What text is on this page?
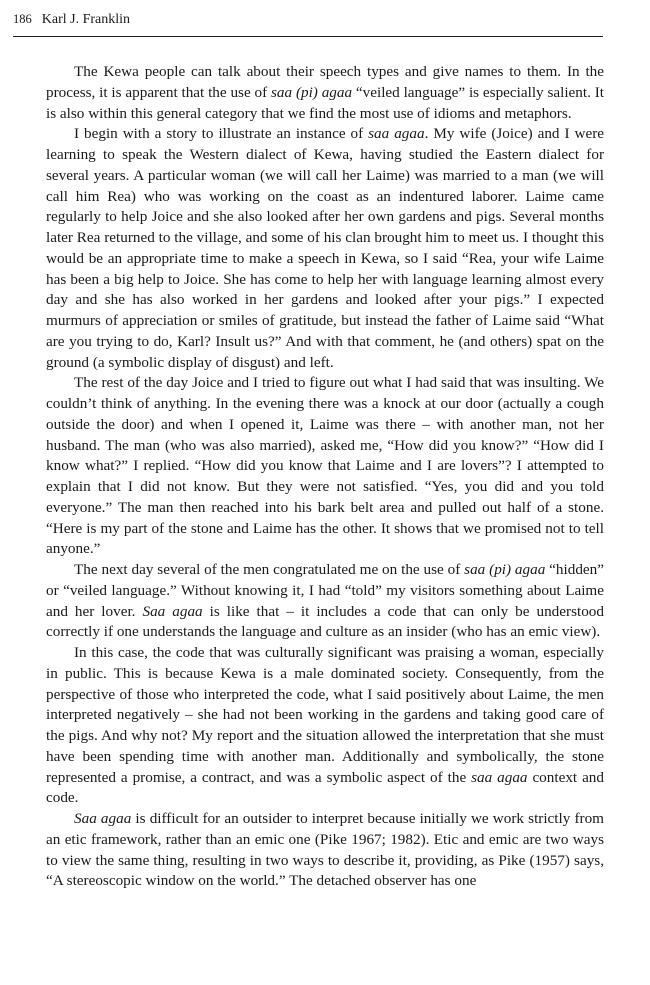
186 Karl J. Franklin

The Kewa people can talk about their speech types and give names to them. In the process, it is apparent that the use of saa (pi) agaa “veiled language” is especially salient. It is also within this general category that we find the most use of idioms and metaphors.

I begin with a story to illustrate an instance of saa agaa. My wife (Joice) and I were learning to speak the Western dialect of Kewa, having studied the Eastern dialect for several years. A particular woman (we will call her Laime) was married to a man (we will call him Rea) who was working on the coast as an indentured laborer. Laime came regularly to help Joice and she also looked after her own gardens and pigs. Several months later Rea returned to the village, and some of his clan brought him to meet us. I thought this would be an appropriate time to make a speech in Kewa, so I said “Rea, your wife Laime has been a big help to Joice. She has come to help her with language learning almost every day and she has also worked in her gardens and looked after your pigs.” I expected murmurs of appreciation or smiles of gratitude, but instead the father of Laime said “What are you trying to do, Karl? Insult us?” And with that comment, he (and others) spat on the ground (a symbolic display of disgust) and left.

The rest of the day Joice and I tried to figure out what I had said that was insulting. We couldn’t think of anything. In the evening there was a knock at our door (actually a cough outside the door) and when I opened it, Laime was there – with another man, not her husband. The man (who was also married), asked me, “How did you know?” “How did I know what?” I replied. “How did you know that Laime and I are lovers”? I attempted to explain that I did not know. But they were not satisfied. “Yes, you did and you told everyone.” The man then reached into his bark belt area and pulled out half of a stone. “Here is my part of the stone and Laime has the other. It shows that we promised not to tell anyone.”

The next day several of the men congratulated me on the use of saa (pi) agaa “hidden” or “veiled language.” Without knowing it, I had “told” my visitors something about Laime and her lover. Saa agaa is like that – it includes a code that can only be understood correctly if one understands the language and culture as an insider (who has an emic view).

In this case, the code that was culturally significant was praising a woman, especially in public. This is because Kewa is a male dominated society. Consequently, from the perspective of those who interpreted the code, what I said positively about Laime, the men interpreted negatively – she had not been working in the gardens and taking good care of the pigs. And why not? My report and the situation allowed the interpretation that she must have been spending time with another man. Additionally and symbolically, the stone represented a promise, a contract, and was a symbolic aspect of the saa agaa context and code.

Saa agaa is difficult for an outsider to interpret because initially we work strictly from an etic framework, rather than an emic one (Pike 1967; 1982). Etic and emic are two ways to view the same thing, resulting in two ways to describe it, providing, as Pike (1957) says, “A stereoscopic window on the world.” The detached observer has one
